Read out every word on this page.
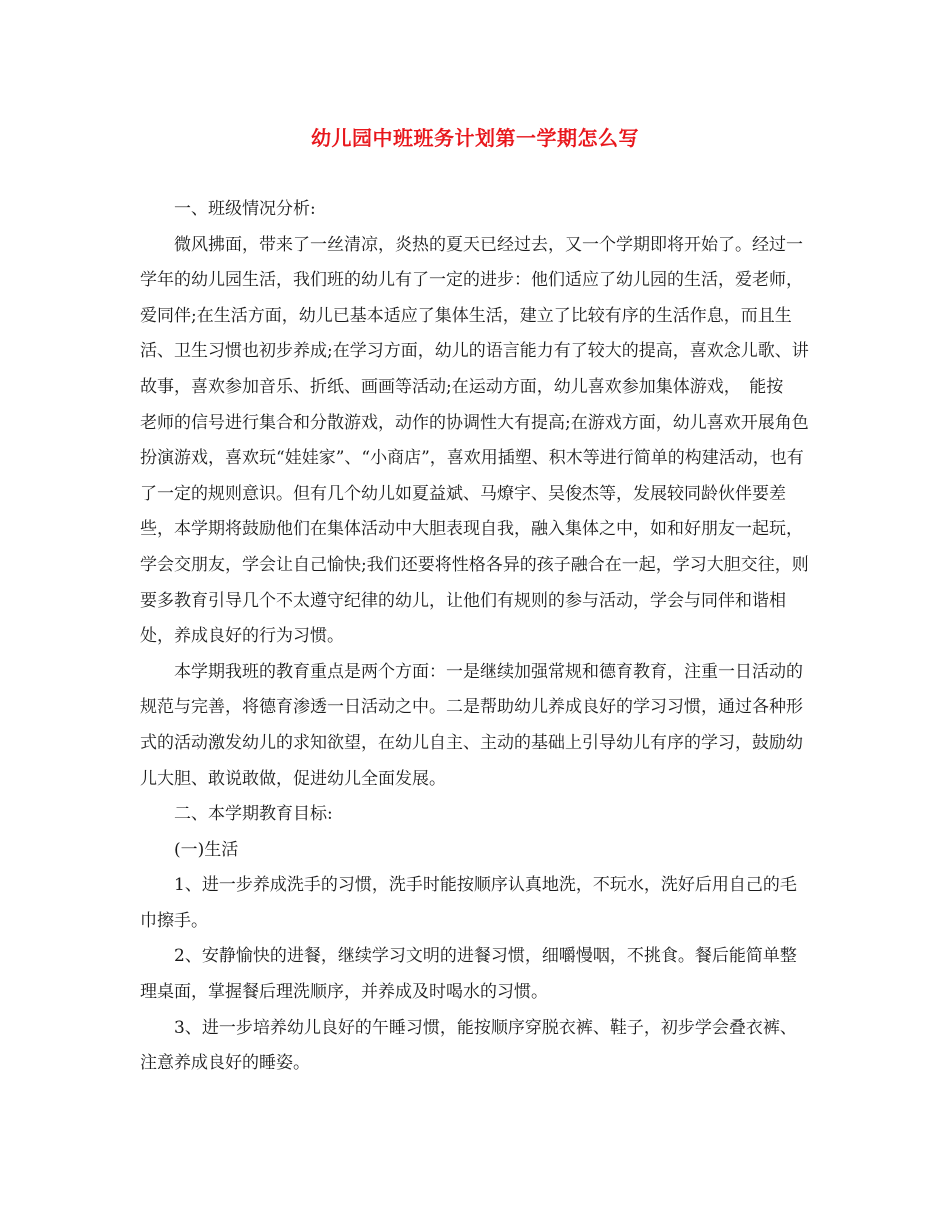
幼儿园中班班务计划第一学期怎么写

一、班级情况分析:

微风拂面，带来了一丝清凉，炎热的夏天已经过去，又一个学期即将开始了。经过一学年的幼儿园生活，我们班的幼儿有了一定的进步：他们适应了幼儿园的生活，爱老师，爱同伴;在生活方面，幼儿已基本适应了集体生活，建立了比较有序的生活作息，而且生活、卫生习惯也初步养成;在学习方面，幼儿的语言能力有了较大的提高，喜欢念儿歌、讲故事，喜欢参加音乐、折纸、画画等活动;在运动方面，幼儿喜欢参加集体游戏，　能按　老师的信号进行集合和分散游戏，动作的协调性大有提高;在游戏方面，幼儿喜欢开展角色扮演游戏，喜欢玩“娃娃家”、“小商店”，喜欢用插塑、积木等进行简单的构建活动，也有了一定的规则意识。但有几个幼儿如夏益斌、马燎宇、吴俊杰等，发展较同龄伙伴要差些，本学期将鼓励他们在集体活动中大胆表现自我，融入集体之中，如和好朋友一起玩，学会交朋友，学会让自己愉快;我们还要将性格各异的孩子融合在一起，学习大胆交往，则要多教育引导几个不太遵守纪律的幼儿，让他们有规则的参与活动，学会与同伴和谐相处，养成良好的行为习惯。

本学期我班的教育重点是两个方面：一是继续加强常规和德育教育，注重一日活动的规范与完善，将德育渗透一日活动之中。二是帮助幼儿养成良好的学习习惯，通过各种形式的活动激发幼儿的求知欲望，在幼儿自主、主动的基础上引导幼儿有序的学习，鼓励幼儿大胆、敢说敢做，促进幼儿全面发展。

二、本学期教育目标:

(一)生活

1、进一步养成洗手的习惯，洗手时能按顺序认真地洗，不玩水，洗好后用自己的毛巾擦手。

2、安静愉快的进餐，继续学习文明的进餐习惯，细嚼慢咽，不挑食。餐后能简单整理桌面，掌握餐后理洗顺序，并养成及时喝水的习惯。

3、进一步培养幼儿良好的午睡习惯，能按顺序穿脱衣裤、鞋子，初步学会叠衣裤、注意养成良好的睡姿。
